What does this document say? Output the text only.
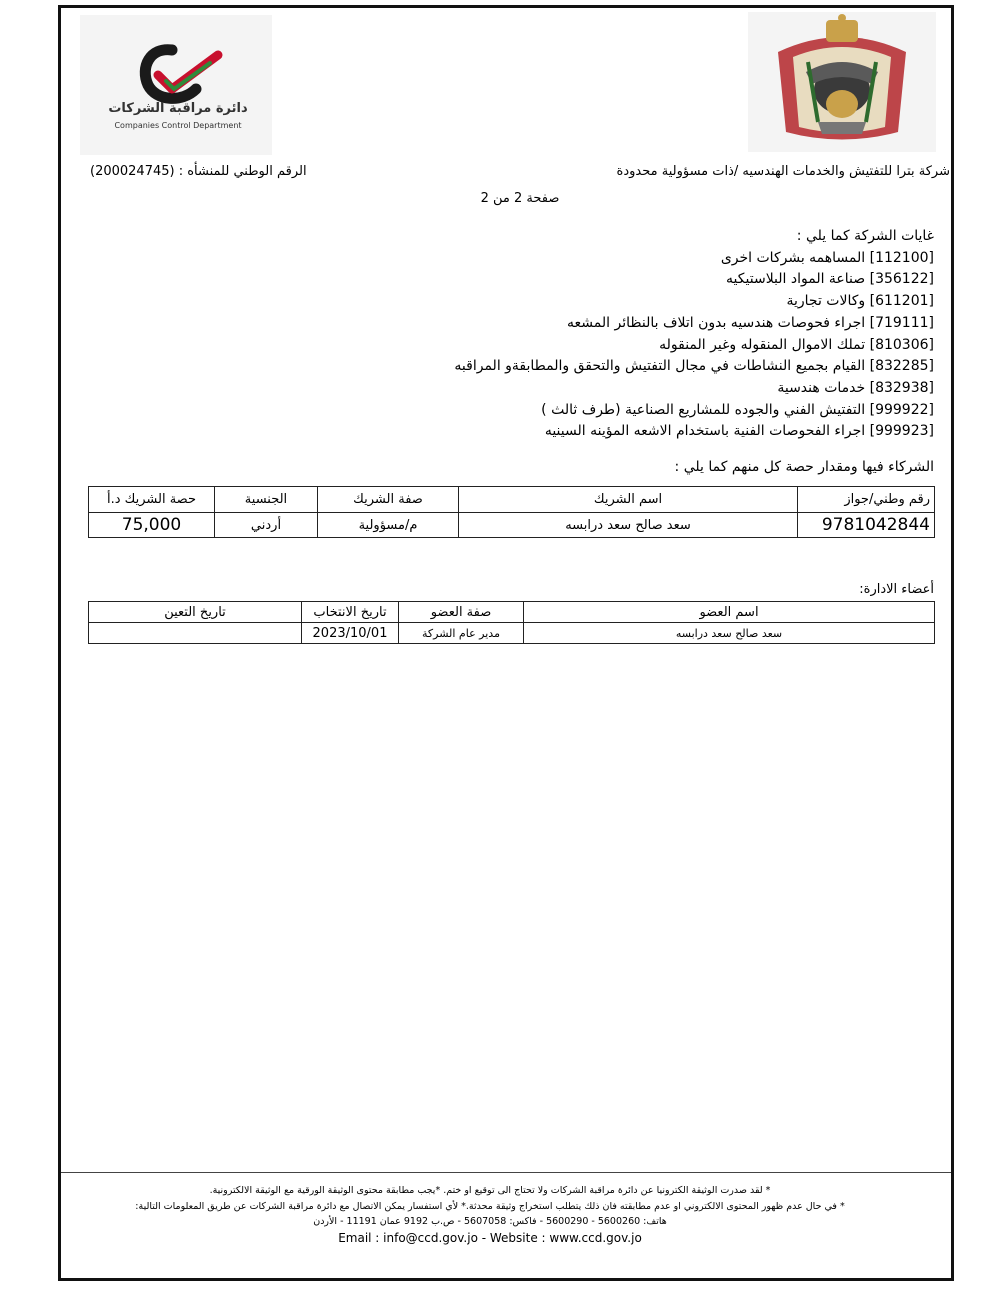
دائرة مراقبة الشركات
Companies Control Department
شركة بترا للتفتيش والخدمات الهندسيه /ذات مسؤولية محدودة
الرقم الوطني للمنشأه : (200024745)
صفحة 2 من 2
غايات الشركة كما يلي :
[112100] المساهمه بشركات اخرى
[356122] صناعة المواد البلاستيكيه
[611201] وكالات تجارية
[719111] اجراء فحوصات هندسيه بدون اتلاف بالنظائر المشعه
[810306] تملك الاموال المنقوله وغير المنقوله
[832285] القيام بجميع النشاطات في مجال التفتيش والتحقق والمطابقةو المراقبه
[832938] خدمات هندسية
[999922] التفتيش الفني والجوده للمشاريع الصناعية (طرف ثالث )
[999923] اجراء الفحوصات الفنية باستخدام الاشعه المؤينه السينيه
الشركاء فيها ومقدار حصة كل منهم كما يلي :
رقم وطني/جواز	اسم الشريك	صفة الشريك	الجنسية	حصة الشريك د.أ
9781042844	سعد صالح سعد درابسه	م/مسؤولية	أردني	75,000
أعضاء الادارة:
اسم العضو	صفة العضو	تاريخ الانتخاب	تاريخ التعين
سعد صالح سعد درابسه	مدير عام الشركة	2023/10/01	
* لقد صدرت الوثيقة الكترونيا عن دائرة مراقبة الشركات ولا تحتاج الى توقيع او ختم. *يجب مطابقة محتوى الوثيقة الورقية مع الوثيقة الالكترونية.
* في حال عدم ظهور المحتوى الالكتروني او عدم مطابقته فان ذلك يتطلب استخراج وثيقة محدثة.* لأي استفسار يمكن الاتصال مع دائرة مراقبة الشركات عن طريق المعلومات التالية:
هاتف: 5600260 - 5600290 - فاكس: 5607058 - ص.ب 9192 عمان 11191 - الأردن
Email : info@ccd.gov.jo - Website : www.ccd.gov.jo
